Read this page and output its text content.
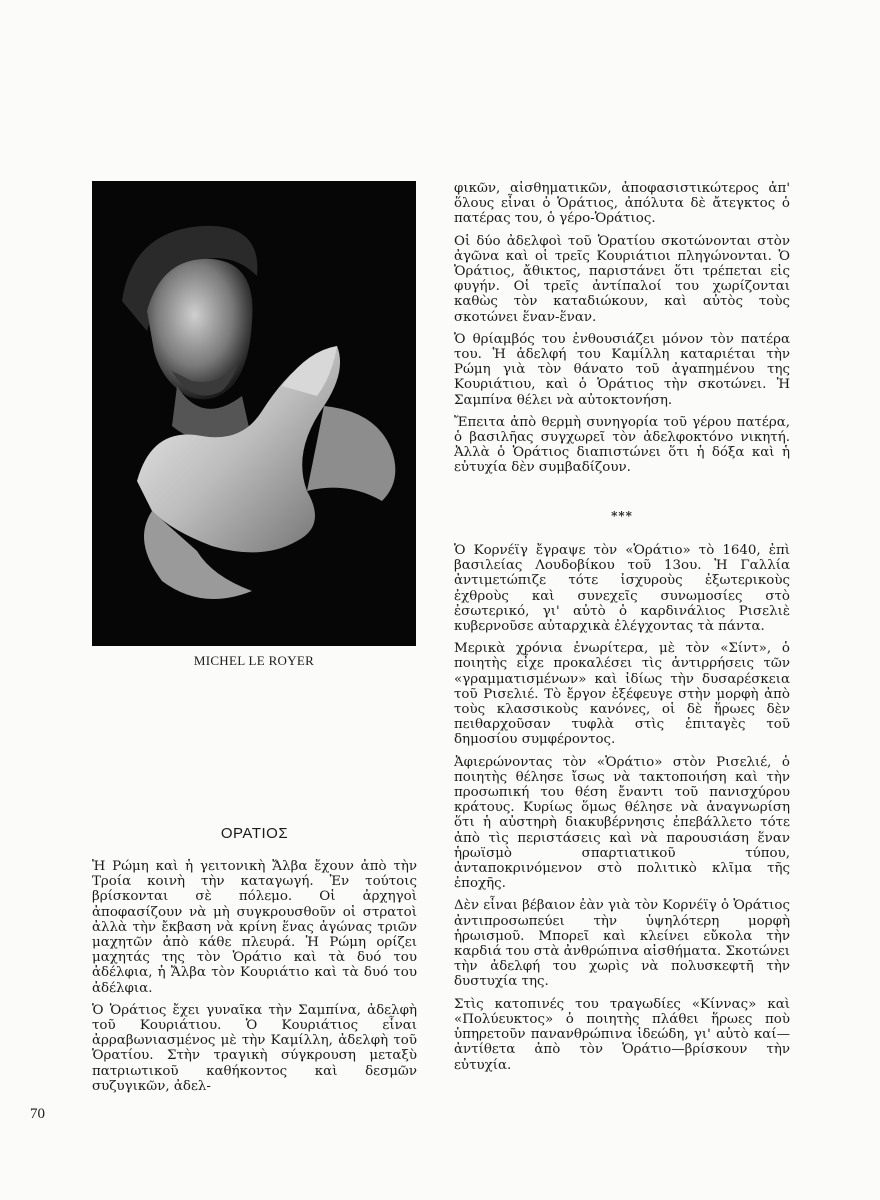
MICHEL LE ROYER
ΟΡΑΤΙΟΣ

Ἡ Ρώμη καὶ ἡ γειτονικὴ Ἄλβα ἔχουν ἀπὸ τὴν Τροία κοινὴ τὴν καταγωγή. Ἐν τούτοις βρίσκονται σὲ πόλεμο. Οἱ ἀρχηγοὶ ἀποφασίζουν νὰ μὴ συγκρουσθοῦν οἱ στρατοὶ ἀλλὰ τὴν ἔκβαση νὰ κρίνη ἕνας ἀγώνας τριῶν μαχητῶν ἀπὸ κάθε πλευρά. Ἡ Ρώμη ορίζει μαχητάς της τὸν Ὁράτιο καὶ τὰ δυό του ἀδέλφια, ἡ Ἄλβα τὸν Κουριάτιο καὶ τὰ δυό του ἀδέλφια.

Ὁ Ὁράτιος ἔχει γυναῖκα τὴν Σαμπίνα, ἀδελφὴ τοῦ Κουριάτιου. Ὁ Κουριάτιος εἶναι ἀρραβωνιασμένος μὲ τὴν Καμίλλη, ἀδελφὴ τοῦ Ὁρατίου. Στὴν τραγικὴ σύγκρουση μεταξὺ πατριωτικοῦ καθήκοντος καὶ δεσμῶν συζυγικῶν, ἀδελ-

φικῶν, αἰσθηματικῶν, ἀποφασιστικώτερος ἀπ' ὅλους εἶναι ὁ Ὁράτιος, ἀπόλυτα δὲ ἄτεγκτος ὁ πατέρας του, ὁ γέρο-Ὁράτιος.

Οἱ δύο ἀδελφοὶ τοῦ Ὁρατίου σκοτώνονται στὸν ἀγῶνα καὶ οἱ τρεῖς Κουριάτιοι πληγώνονται. Ὁ Ὁράτιος, ἄθικτος, παριστάνει ὅτι τρέπεται εἰς φυγήν. Οἱ τρεῖς ἀντίπαλοί του χωρίζονται καθὼς τὸν καταδιώκουν, καὶ αὐτὸς τοὺς σκοτώνει ἕναν-ἕναν.

Ὁ θρίαμβός του ἐνθουσιάζει μόνον τὸν πατέρα του. Ἡ ἀδελφή του Καμίλλη καταριέται τὴν Ρώμη γιὰ τὸν θάνατο τοῦ ἀγαπημένου της Κουριάτιου, καὶ ὁ Ὁράτιος τὴν σκοτώνει. Ἡ Σαμπίνα θέλει νὰ αὐτοκτονήση.

Ἔπειτα ἀπὸ θερμὴ συνηγορία τοῦ γέρου πατέρα, ὁ βασιλῆας συγχωρεῖ τὸν ἀδελφοκτόνο νικητή. Ἀλλὰ ὁ Ὁράτιος διαπιστώνει ὅτι ἡ δόξα καὶ ἡ εὐτυχία δὲν συμβαδίζουν.

***

Ὁ Κορνέϊγ ἔγραψε τὸν «Ὁράτιο» τὸ 1640, ἐπὶ βασιλείας Λουδοβίκου τοῦ 13ου. Ἡ Γαλλία ἀντιμετώπιζε τότε ἰσχυροὺς ἐξωτερικοὺς ἐχθροὺς καὶ συνεχεῖς συνωμοσίες στὸ ἐσωτερικό, γι' αὐτὸ ὁ καρδινάλιος Ρισελιὲ κυβερνοῦσε αὐταρχικὰ ἐλέγχοντας τὰ πάντα.

Μερικὰ χρόνια ἐνωρίτερα, μὲ τὸν «Σίντ», ὁ ποιητὴς εἶχε προκαλέσει τὶς ἀντιρρήσεις τῶν «γραμματισμένων» καὶ ἰδίως τὴν δυσαρέσκεια τοῦ Ρισελιέ. Τὸ ἔργον ἐξέφευγε στὴν μορφὴ ἀπὸ τοὺς κλασσικοὺς κανόνες, οἱ δὲ ἥρωες δὲν πειθαρχοῦσαν τυφλὰ στὶς ἐπιταγὲς τοῦ δημοσίου συμφέροντος.

Ἀφιερώνοντας τὸν «Ὁράτιο» στὸν Ρισελιέ, ὁ ποιητὴς θέλησε ἴσως νὰ τακτοποιήση καὶ τὴν προσωπική του θέση ἔναντι τοῦ πανισχύρου κράτους. Κυρίως ὅμως θέλησε νὰ ἀναγνωρίση ὅτι ἡ αὐστηρὴ διακυβέρνησις ἐπεβάλλετο τότε ἀπὸ τὶς περιστάσεις καὶ νὰ παρουσιάση ἕναν ἡρωϊσμὸ σπαρτιατικοῦ τύπου, ἀνταποκρινόμενον στὸ πολιτικὸ κλῖμα τῆς ἐποχῆς.

Δὲν εἶναι βέβαιον ἐὰν γιὰ τὸν Κορνέϊγ ὁ Ὁράτιος ἀντιπροσωπεύει τὴν ὑψηλότερη μορφὴ ἡρωισμοῦ. Μπορεῖ καὶ κλείνει εὔκολα τὴν καρδιά του στὰ ἀνθρώπινα αἰσθήματα. Σκοτώνει τὴν ἀδελφή του χωρὶς νὰ πολυσκεφτῆ τὴν δυστυχία της.

Στὶς κατοπινές του τραγωδίες «Κίννας» καὶ «Πολύευκτος» ὁ ποιητὴς πλάθει ἥρωες ποὺ ὑπηρετοῦν πανανθρώπινα ἰδεώδη, γι' αὐτὸ καί—ἀντίθετα ἀπὸ τὸν Ὁράτιο—βρίσκουν τὴν εὐτυχία.

70
